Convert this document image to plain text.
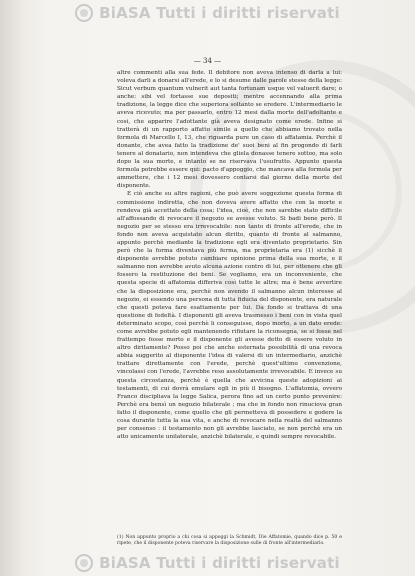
BiASA Tutti i diritti riservati
— 34 —

altre commenti alla sua fede. Il debitore non aveva intenso di darla a lui: voleva darli a donarsi all'erede, e lo si desume dalle parole stesse della legge: Sicut verbum quantum vulnerit aut tanta fortunam usque vel valuerit dare; o anche: sibi vel fortasse sue depositi; mentre accennando alla prima tradizione, la legge dice che superiora soltanto se eredere. L'intermediario le aveva ricevuto; ma per passarlo, entro 12 mesi dalla morte dell'adoltante e cosi, che apparire l'adottante già aveva designato come erede. Infine si tratterà di un rapporto affatto simile a quello che abbiamo trovato nella formola di Marcello I, 13, che riguarda pure un caso di affatamia. Perchè il donante, che avea fatto la tradizione de' suoi beni al fin progondo di farli tenere al donatario, non intendeva che gliela donasse tenere sottoo, ma solo dopo la sua morte, e intanto se ne riservava l'usufrutto. Appunto questa formola potrebbe essere qui: pacto d'appoggio, che mancava alla formola per ammettere, che i 12 mesi dovessero contarsi dal giorno della morte del disponente.

E ciò anche su altre ragioni, che può avere soggezione questa forma di commissione indiretta, che non doveva avere affatto che con la morte e rendeva già accettato della cosa; l'idea, cioè, che non sarebbe stato difficile all'affossando di revocare il negozio se avesse voluto. Si badi bene però. Il negozio per se stesso era irrevocabile: non tanto di fronte all'erede, che in fondo non aveva acquistato alcun diritto, quanto di fronte al salmanno, appunto perchè mediante la tradizione egli era diventato proprietario. Sin però che la forma diventava più ferma, ma proprietaria era (1) sicchè il disponente avrebbe potuto cambiare opinione prima della sua morte, e il salmanno non avrebbe avuto alcuna azione contro di lui, per ottenere che gli fossero la restituzione dei beni. Se vogliamo, era un inconveniente, che questa specie di affatomia differiva così tutte le altre; ma è bene avvertire che la disposizione era, perchè non avendo il salmanno alcun interesse al negozio, ei essendo una persona di tutta fiducia del disponente, era naturale che questi poteva fare esattamente per lui. Da fondo si trattava di una questione di fedeltà. I disponenti gli aveva trasmesso i beni con in vista quel determinato scopo, così perchè li conseguisse, dopo morto, a un dato erede: come avrebbe potuto egli mantenendo rifiutare la riconsegna, se si fosse nel frattempo fosse morto e il disponente gli avesse detto di essere voluto in altro diritamente? Posso poi che anche esternata possibilità di una revoca abbia suggerito al disponente l'idea di valersi di un intermediario, anzichè trattare direttamente con l'erede, perchè quest'ultimo convenzione, vincolassi con l'erede, l'avrebbe reso assolutamente irrevocabile. E invece su questa circostanza, perchè è quella che avvicina queste adopizioni ai testamenti, di cui dovrà emulare egli in più il bisogno. L'affatomia, ovvero Franco discipliava la legge Salica, perora fino ad un certo punto prevenire: Perchè era bensì un negozio bilaterale ; ma che in fondo non rinuciova gran fatto il disponente, come quello che gli permetteva di possedere e godere la cosa durante tutta la sua vita, e anche di revocare nella realtà del salmanno per consenso : il testamento non gli avrebbe lasciato, se non perchè era un atto unicamente unilaterale, anzichè bilaterale, e quindi sempre revocabile.

(1) Non appunto proprio a chi cosa si appoggi la Schmidt, Die Affatomie, quando dice p. 50 e ripete, che il disponente poteva riservare la disposizione sulle di fronte all'intermediario.
BiASA Tutti i diritti riservati
